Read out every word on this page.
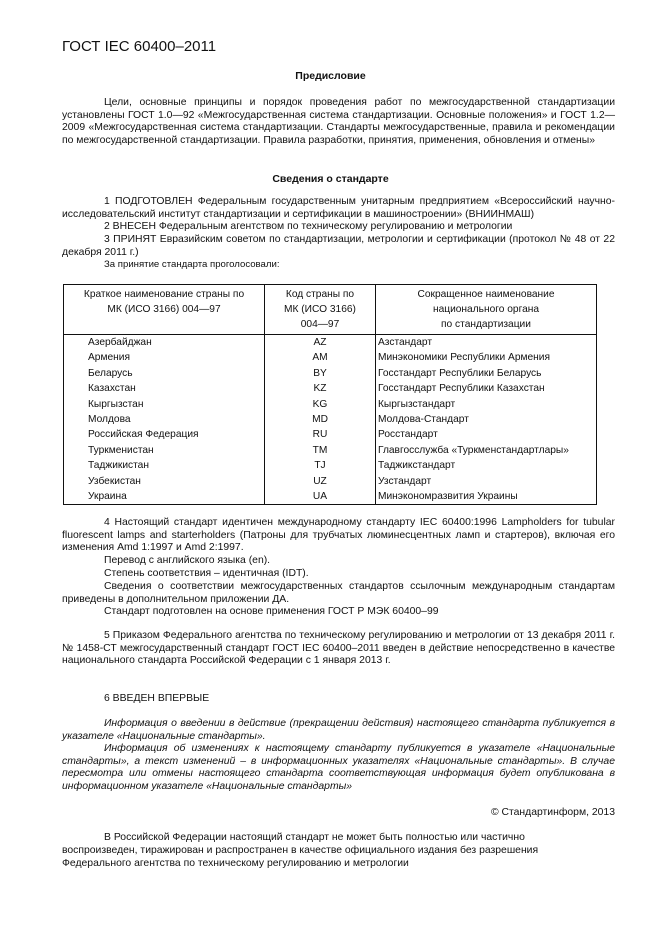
ГОСТ IEC 60400–2011
Предисловие

Цели, основные принципы и порядок проведения работ по межгосударственной стандартизации установлены ГОСТ 1.0—92 «Межгосударственная система стандартизации. Основные положения» и ГОСТ 1.2—2009 «Межгосударственная система стандартизации. Стандарты межгосударственные, правила и рекомендации по межгосударственной стандартизации. Правила разработки, принятия, применения, обновления и отмены»

Сведения о стандарте

1 ПОДГОТОВЛЕН Федеральным государственным унитарным предприятием «Всероссийский научно-исследовательский институт стандартизации и сертификации в машиностроении» (ВНИИНМАШ)

2 ВНЕСЕН Федеральным агентством по техническому регулированию и метрологии

3 ПРИНЯТ Евразийским советом по стандартизации, метрологии и сертификации (протокол № 48 от 22 декабря 2011 г.)

За принятие стандарта проголосовали:

Краткое наименование страны по
МК (ИСО 3166) 004—97	Код страны по
МК (ИСО 3166)
004—97	Сокращенное наименование
национального органа
по стандартизации
Азербайджан	AZ	Азстандарт
Армения	AM	Минэкономики Республики Армения
Беларусь	BY	Госстандарт Республики Беларусь
Казахстан	KZ	Госстандарт Республики Казахстан
Кыргызстан	KG	Кыргызстандарт
Молдова	MD	Молдова-Стандарт
Российская Федерация	RU	Росстандарт
Туркменистан	TM	Главгосслужба «Туркменстандартлары»
Таджикистан	TJ	Таджикстандарт
Узбекистан	UZ	Узстандарт
Украина	UA	Минэкономразвития Украины

4 Настоящий стандарт идентичен международному стандарту IEC 60400:1996 Lampholders for tubular fluorescent lamps and starterholders (Патроны для трубчатых люминесцентных ламп и стартеров), включая его изменения Amd 1:1997 и Amd 2:1997.

Перевод с английского языка (en).

Степень соответствия – идентичная (IDT).

Сведения о соответствии межгосударственных стандартов ссылочным международным стандартам приведены в дополнительном приложении ДА.

Стандарт подготовлен на основе применения ГОСТ Р МЭК 60400–99

5 Приказом Федерального агентства по техническому регулированию и метрологии от 13 декабря 2011 г. № 1458-СТ межгосударственный стандарт ГОСТ IEC 60400–2011 введен в действие непосредственно в качестве национального стандарта Российской Федерации с 1 января 2013 г.

6 ВВЕДЕН ВПЕРВЫЕ

Информация о введении в действие (прекращении действия) настоящего стандарта публикуется в указателе «Национальные стандарты».

Информация об изменениях к настоящему стандарту публикуется в указателе «Национальные стандарты», а текст изменений – в информационных указателях «Национальные стандарты». В случае пересмотра или отмены настоящего стандарта соответствующая информация будет опубликована в информационном указателе «Национальные стандарты»

© Стандартинформ, 2013

В Российской Федерации настоящий стандарт не может быть полностью или частично

воспроизведен, тиражирован и распространен в качестве официального издания без разрешения

Федерального агентства по техническому регулированию и метрологии
